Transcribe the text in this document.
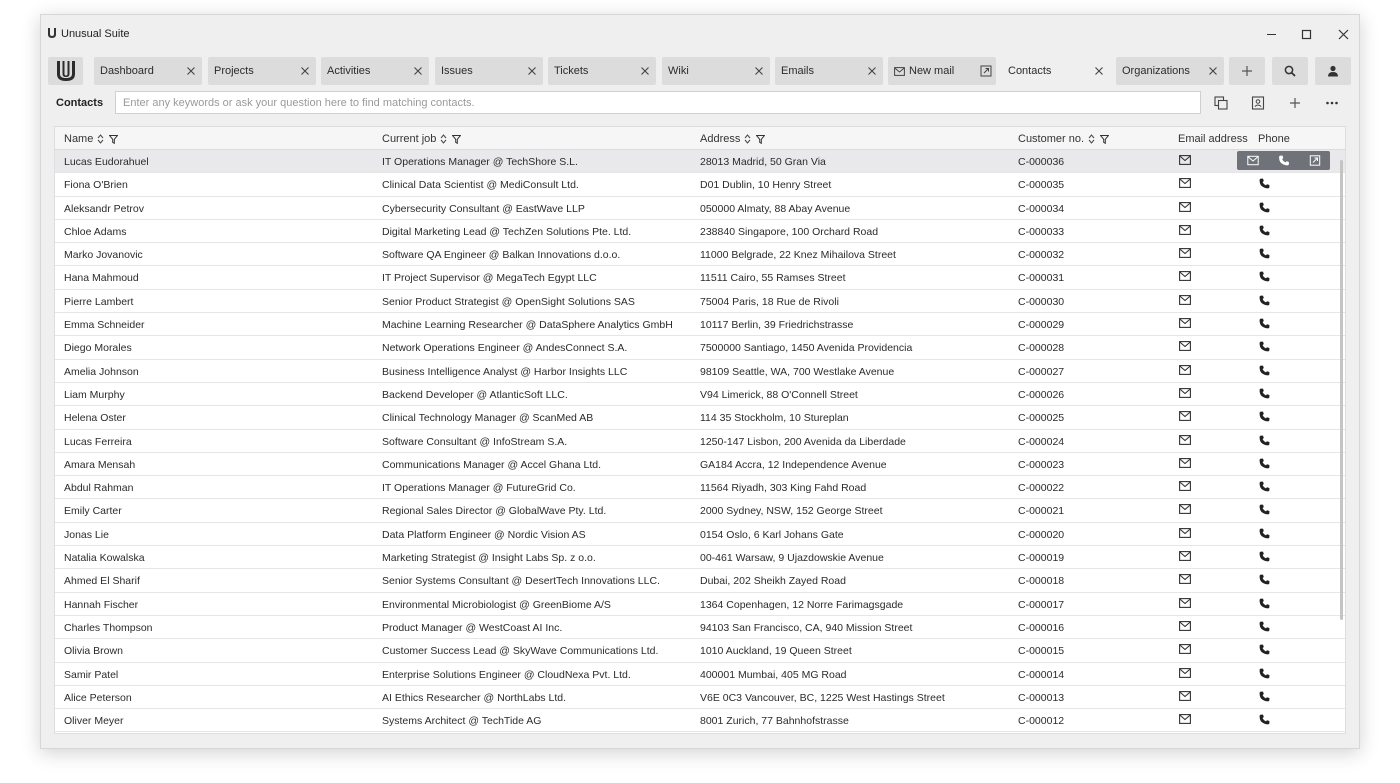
Unusual Suite
Dashboard	Projects	Activities	Issues	Tickets	Wiki	Emails	New mail	Contacts	Organizations
Contacts
Enter any keywords or ask your question here to find matching contacts.
Name	Current job	Address	Customer no.	Email address Phone
Lucas Eudorahuel	IT Operations Manager @ TechShore S.L.	28013 Madrid, 50 Gran Via	C-000036
Fiona O'Brien	Clinical Data Scientist @ MediConsult Ltd.	D01 Dublin, 10 Henry Street	C-000035
Aleksandr Petrov	Cybersecurity Consultant @ EastWave LLP	050000 Almaty, 88 Abay Avenue	C-000034
Chloe Adams	Digital Marketing Lead @ TechZen Solutions Pte. Ltd.	238840 Singapore, 100 Orchard Road	C-000033
Marko Jovanovic	Software QA Engineer @ Balkan Innovations d.o.o.	11000 Belgrade, 22 Knez Mihailova Street	C-000032
Hana Mahmoud	IT Project Supervisor @ MegaTech Egypt LLC	11511 Cairo, 55 Ramses Street	C-000031
Pierre Lambert	Senior Product Strategist @ OpenSight Solutions SAS	75004 Paris, 18 Rue de Rivoli	C-000030
Emma Schneider	Machine Learning Researcher @ DataSphere Analytics GmbH	10117 Berlin, 39 Friedrichstrasse	C-000029
Diego Morales	Network Operations Engineer @ AndesConnect S.A.	7500000 Santiago, 1450 Avenida Providencia	C-000028
Amelia Johnson	Business Intelligence Analyst @ Harbor Insights LLC	98109 Seattle, WA, 700 Westlake Avenue	C-000027
Liam Murphy	Backend Developer @ AtlanticSoft LLC.	V94 Limerick, 88 O'Connell Street	C-000026
Helena Oster	Clinical Technology Manager @ ScanMed AB	114 35 Stockholm, 10 Stureplan	C-000025
Lucas Ferreira	Software Consultant @ InfoStream S.A.	1250-147 Lisbon, 200 Avenida da Liberdade	C-000024
Amara Mensah	Communications Manager @ Accel Ghana Ltd.	GA184 Accra, 12 Independence Avenue	C-000023
Abdul Rahman	IT Operations Manager @ FutureGrid Co.	11564 Riyadh, 303 King Fahd Road	C-000022
Emily Carter	Regional Sales Director @ GlobalWave Pty. Ltd.	2000 Sydney, NSW, 152 George Street	C-000021
Jonas Lie	Data Platform Engineer @ Nordic Vision AS	0154 Oslo, 6 Karl Johans Gate	C-000020
Natalia Kowalska	Marketing Strategist @ Insight Labs Sp. z o.o.	00-461 Warsaw, 9 Ujazdowskie Avenue	C-000019
Ahmed El Sharif	Senior Systems Consultant @ DesertTech Innovations LLC.	Dubai, 202 Sheikh Zayed Road	C-000018
Hannah Fischer	Environmental Microbiologist @ GreenBiome A/S	1364 Copenhagen, 12 Norre Farimagsgade	C-000017
Charles Thompson	Product Manager @ WestCoast AI Inc.	94103 San Francisco, CA, 940 Mission Street	C-000016
Olivia Brown	Customer Success Lead @ SkyWave Communications Ltd.	1010 Auckland, 19 Queen Street	C-000015
Samir Patel	Enterprise Solutions Engineer @ CloudNexa Pvt. Ltd.	400001 Mumbai, 405 MG Road	C-000014
Alice Peterson	AI Ethics Researcher @ NorthLabs Ltd.	V6E 0C3 Vancouver, BC, 1225 West Hastings Street	C-000013
Oliver Meyer	Systems Architect @ TechTide AG	8001 Zurich, 77 Bahnhofstrasse	C-000012
